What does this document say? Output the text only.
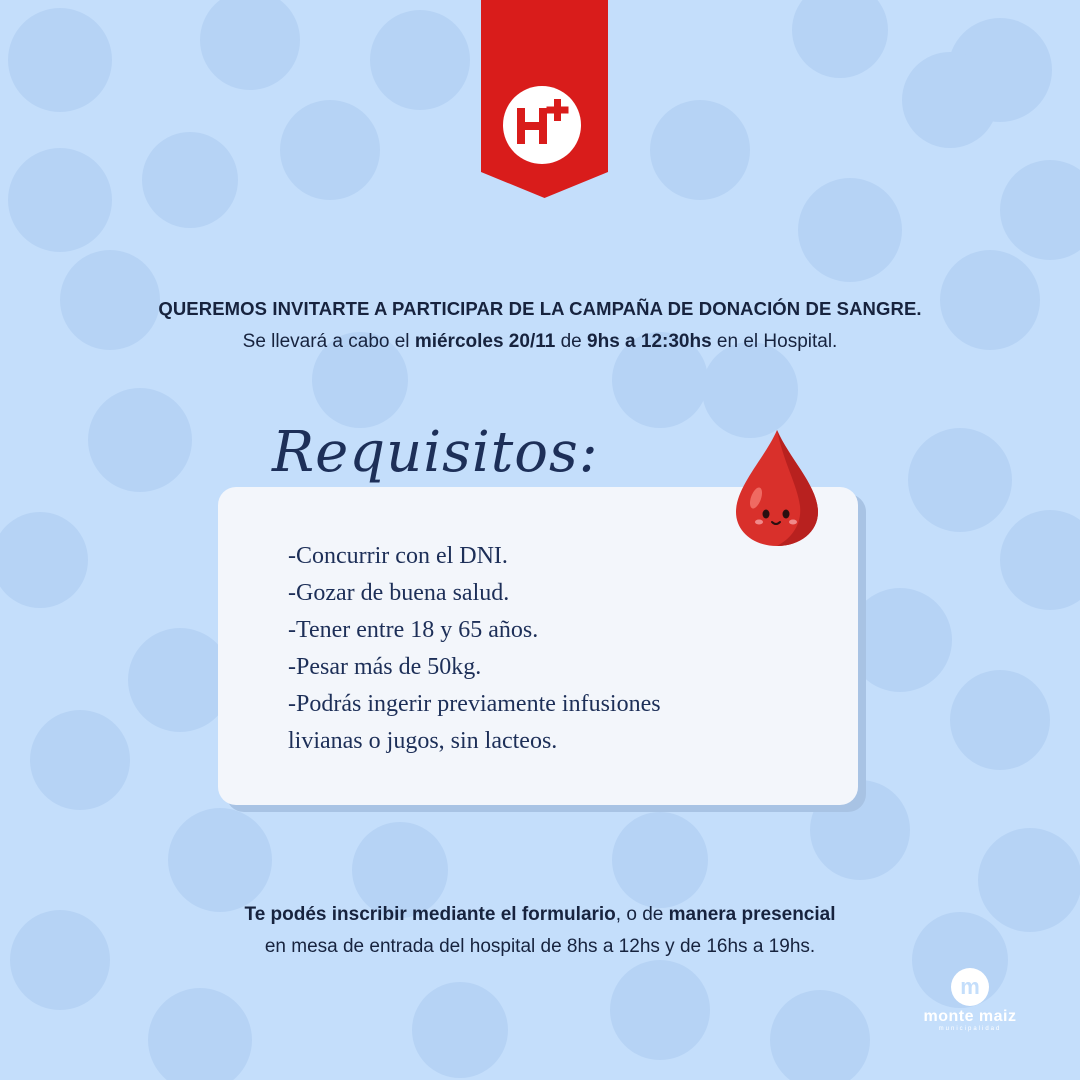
QUEREMOS INVITARTE A PARTICIPAR DE LA CAMPAÑA DE DONACIÓN DE SANGRE.
Se llevará a cabo el miércoles 20/11 de 9hs a 12:30hs en el Hospital.
Requisitos:
-Concurrir con el DNI.
-Gozar de buena salud.
-Tener entre 18 y 65 años.
-Pesar más de 50kg.
-Podrás ingerir previamente infusiones
livianas o jugos, sin lacteos.
Te podés inscribir mediante el formulario, o de manera presencial
en mesa de entrada del hospital de 8hs a 12hs y de 16hs a 19hs.
m
monte maiz
municipalidad
